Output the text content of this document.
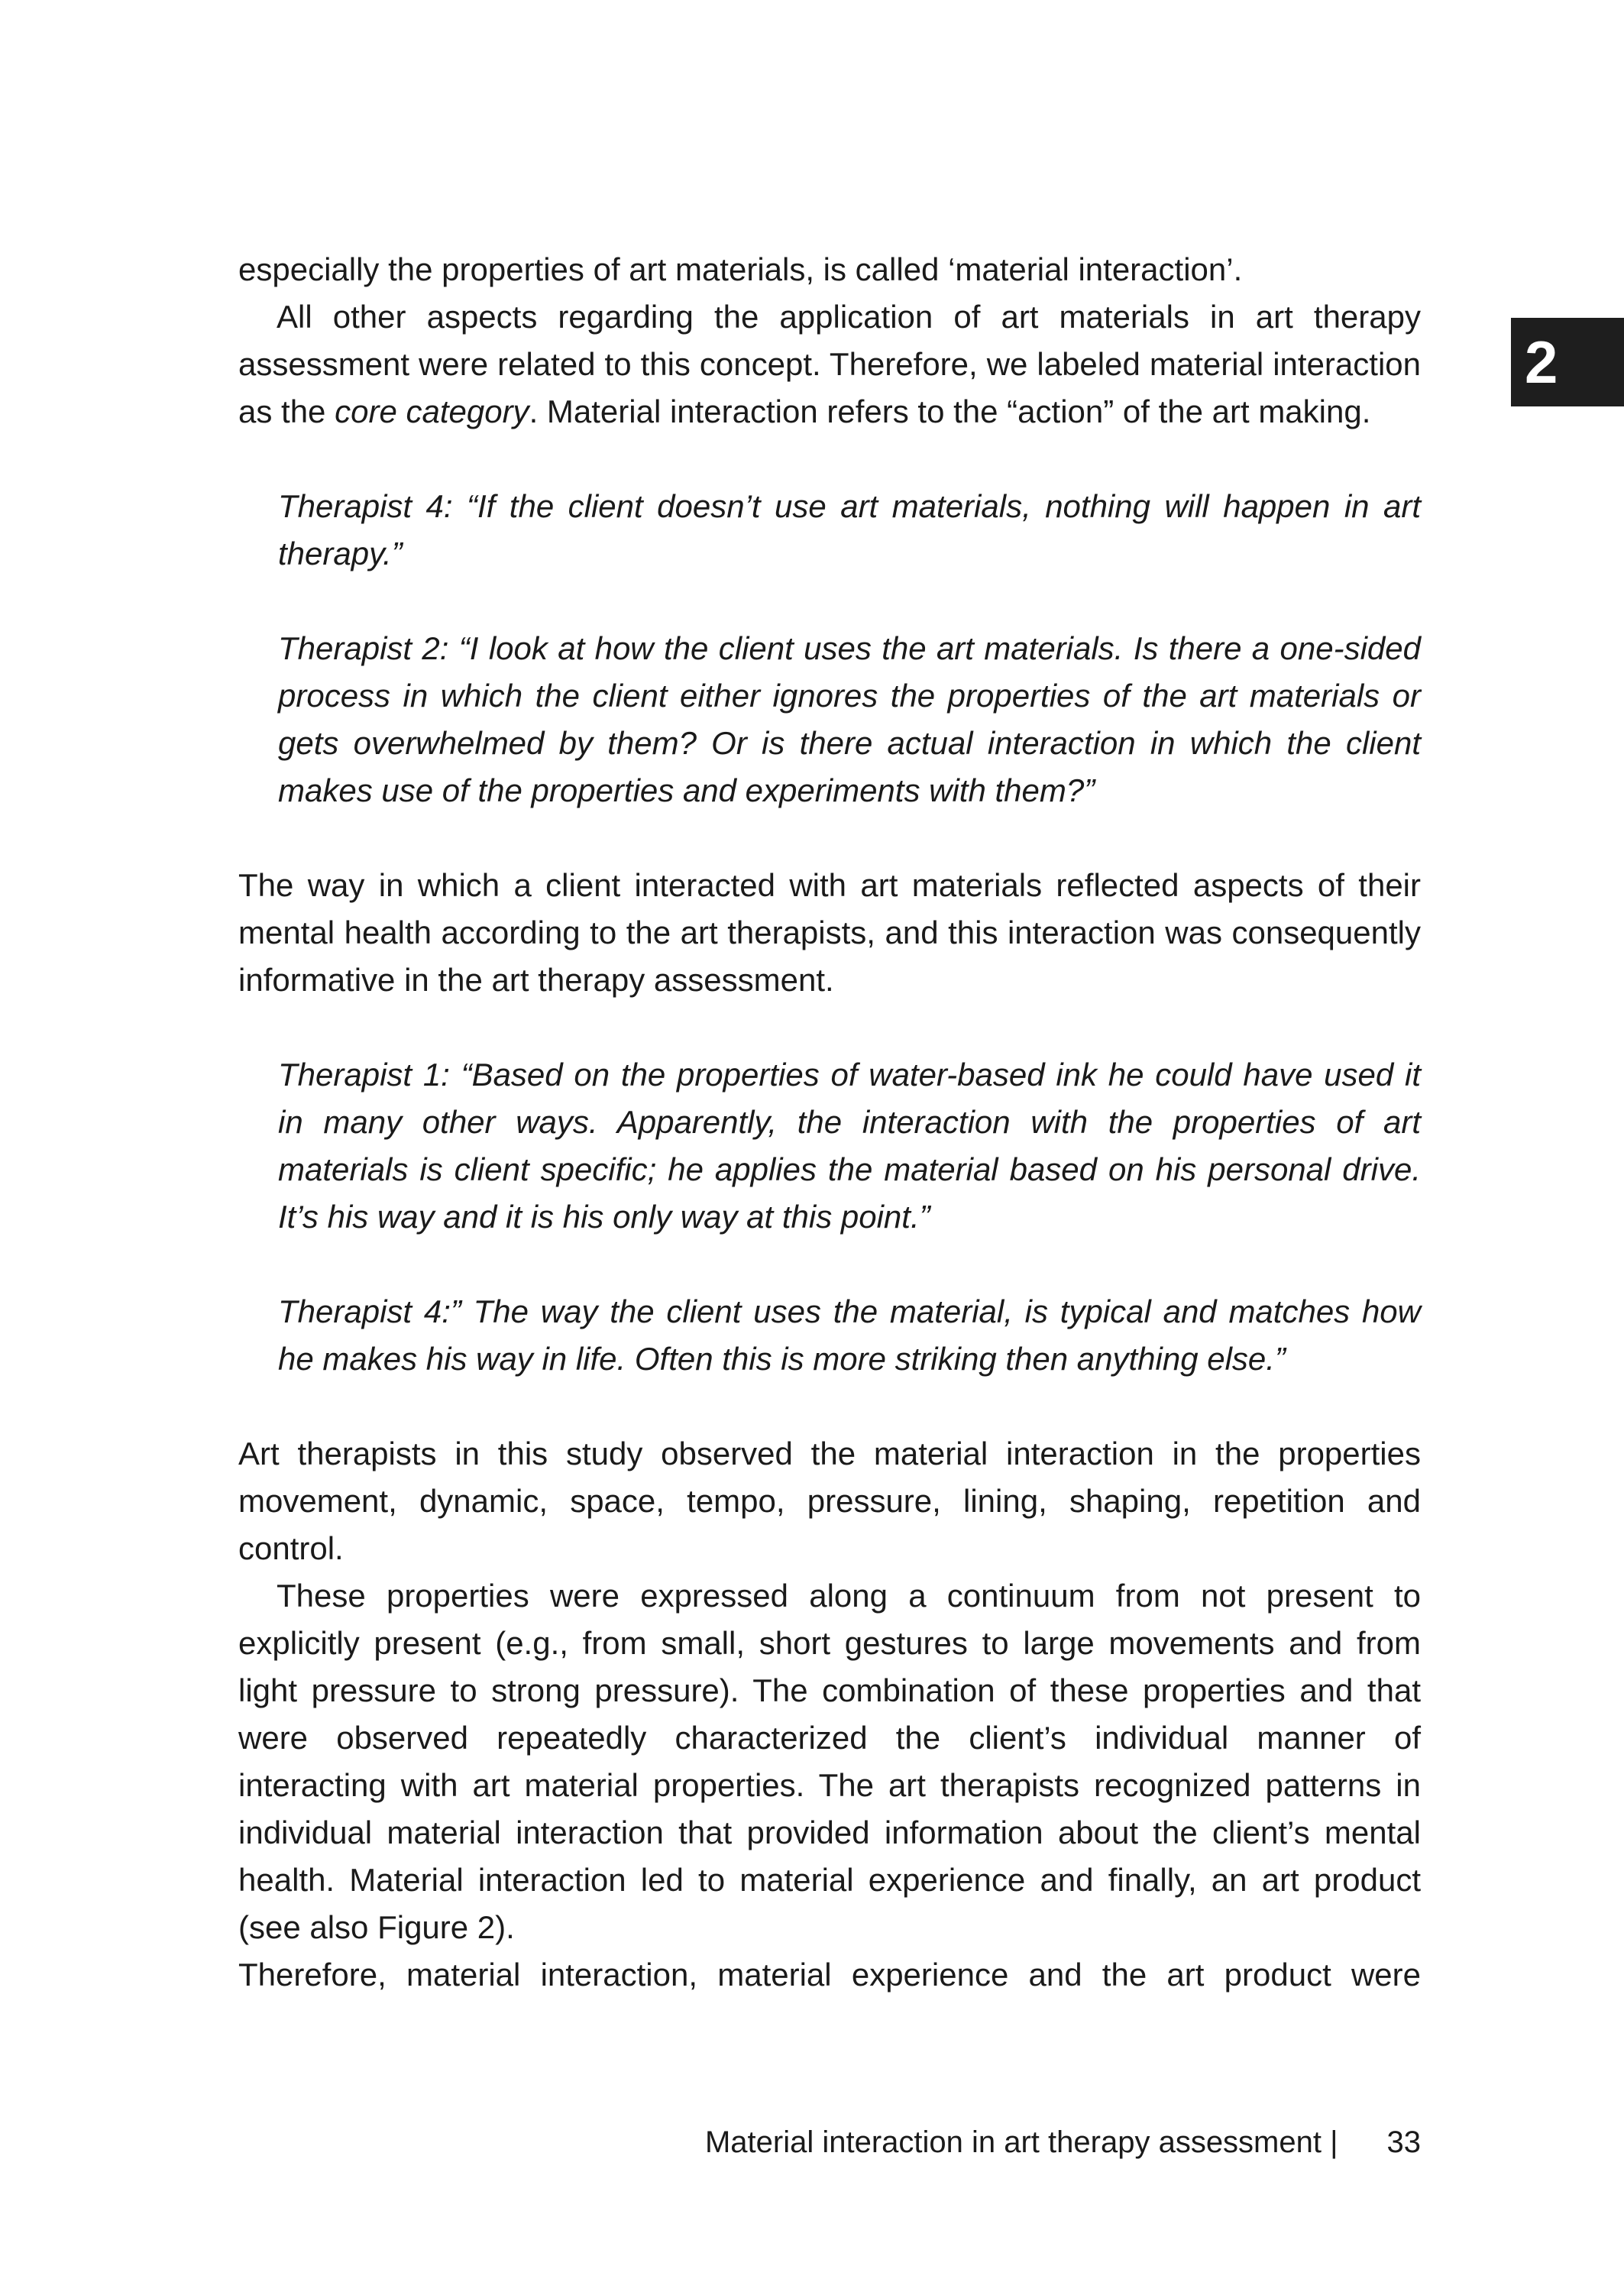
2

especially the properties of art materials, is called ‘material interaction’.

All other aspects regarding the application of art materials in art therapy assessment were related to this concept. Therefore, we labeled material interaction as the core category. Material interaction refers to the “action” of the art making.

Therapist 4: “If the client doesn’t use art materials, nothing will happen in art therapy.”

Therapist 2: “I look at how the client uses the art materials. Is there a one-sided process in which the client either ignores the properties of the art materials or gets overwhelmed by them? Or is there actual interaction in which the client makes use of the properties and experiments with them?”

The way in which a client interacted with art materials reflected aspects of their mental health according to the art therapists, and this interaction was consequently informative in the art therapy assessment.

Therapist 1: “Based on the properties of water-based ink he could have used it in many other ways. Apparently, the interaction with the properties of art materials is client specific; he applies the material based on his personal drive. It’s his way and it is his only way at this point.”

Therapist 4:” The way the client uses the material, is typical and matches how he makes his way in life. Often this is more striking then anything else.”

Art therapists in this study observed the material interaction in the properties movement, dynamic, space, tempo, pressure, lining, shaping, repetition and control.

These properties were expressed along a continuum from not present to explicitly present (e.g., from small, short gestures to large movements and from light pressure to strong pressure). The combination of these properties and that were observed repeatedly characterized the client’s individual manner of interacting with art material properties. The art therapists recognized patterns in individual material interaction that provided information about the client’s mental health. Material interaction led to material experience and finally, an art product (see also Figure 2).

Therefore, material interaction, material experience and the art product were

Material interaction in art therapy assessment | 33
